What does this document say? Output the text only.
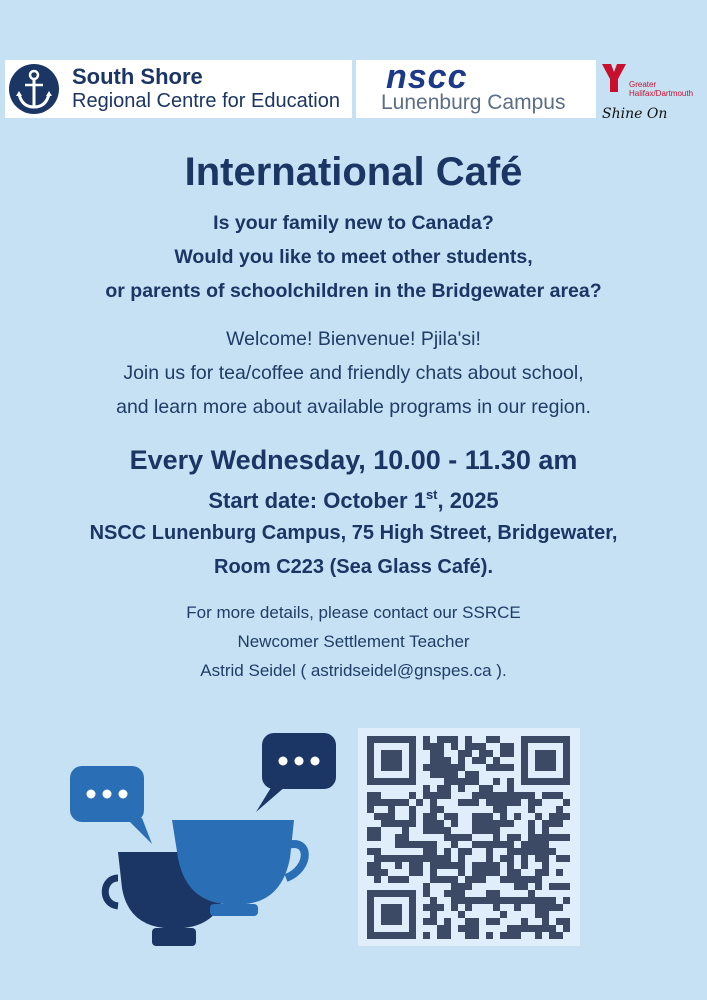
South Shore
Regional Centre for Education
nscc
Lunenburg Campus
Greater
Halifax/Dartmouth
Shine On
International Café
Is your family new to Canada?
Would you like to meet other students,
or parents of schoolchildren in the Bridgewater area?
Welcome! Bienvenue! Pjila'si!
Join us for tea/coffee and friendly chats about school,
and learn more about available programs in our region.
Every Wednesday, 10.00 - 11.30 am
Start date: October 1st, 2025
NSCC Lunenburg Campus, 75 High Street, Bridgewater,
Room C223 (Sea Glass Café).
For more details, please contact our SSRCE
Newcomer Settlement Teacher
Astrid Seidel ( astridseidel@gnspes.ca ).
